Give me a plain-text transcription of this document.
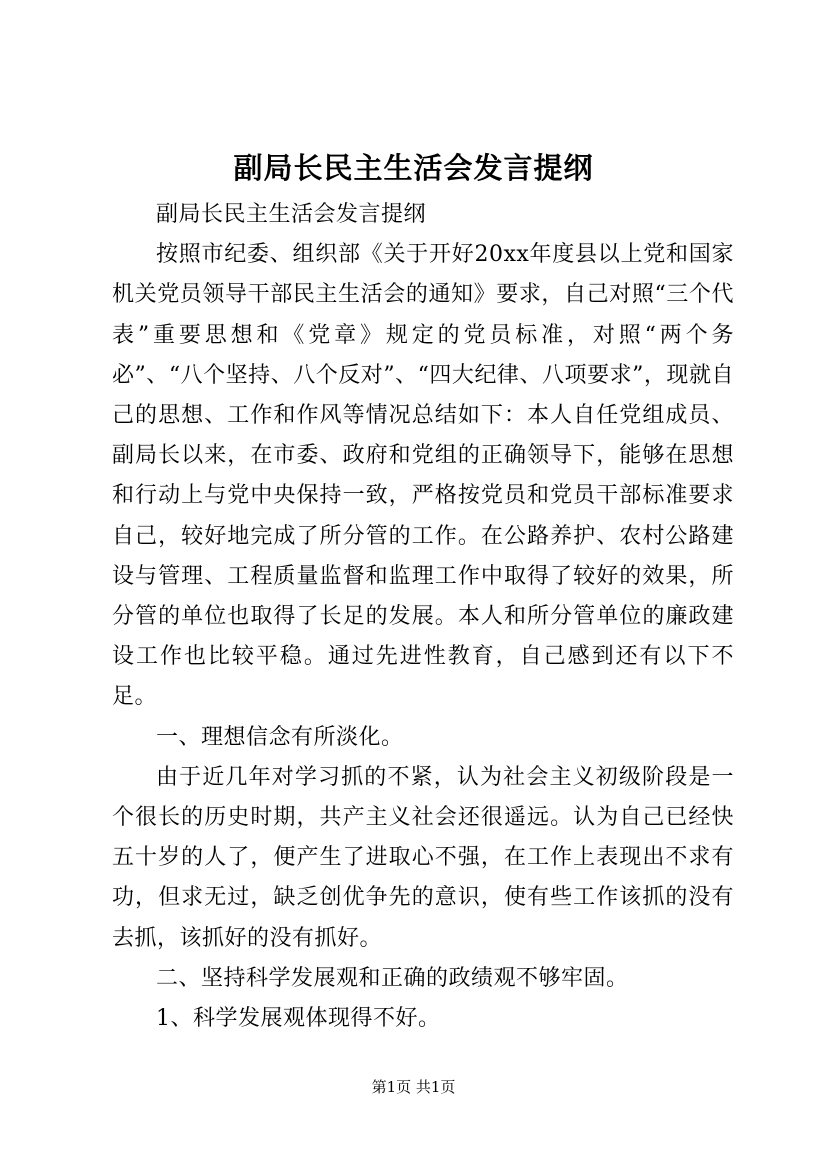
副局长民主生活会发言提纲

副局长民主生活会发言提纲

按照市纪委、组织部《关于开好20xx年度县以上党和国家机关党员领导干部民主生活会的通知》要求，自己对照“三个代表”重要思想和《党章》规定的党员标准，对照“两个务必”、“八个坚持、八个反对”、“四大纪律、八项要求”，现就自己的思想、工作和作风等情况总结如下：本人自任党组成员、副局长以来，在市委、政府和党组的正确领导下，能够在思想和行动上与党中央保持一致，严格按党员和党员干部标准要求自己，较好地完成了所分管的工作。在公路养护、农村公路建设与管理、工程质量监督和监理工作中取得了较好的效果，所分管的单位也取得了长足的发展。本人和所分管单位的廉政建设工作也比较平稳。通过先进性教育，自己感到还有以下不足。

一、理想信念有所淡化。

由于近几年对学习抓的不紧，认为社会主义初级阶段是一个很长的历史时期，共产主义社会还很遥远。认为自己已经快五十岁的人了，便产生了进取心不强，在工作上表现出不求有功，但求无过，缺乏创优争先的意识，使有些工作该抓的没有去抓，该抓好的没有抓好。

二、坚持科学发展观和正确的政绩观不够牢固。

1、科学发展观体现得不好。

第1页 共1页
